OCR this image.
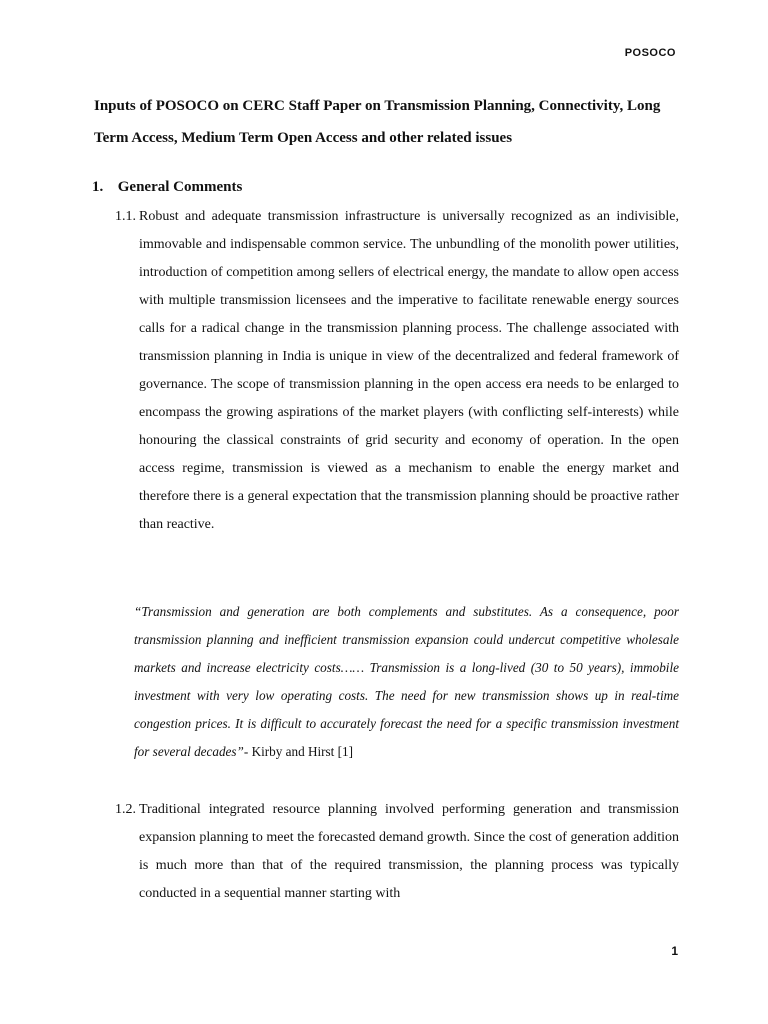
POSOCO
Inputs of POSOCO on CERC Staff Paper on Transmission Planning, Connectivity, Long Term Access, Medium Term Open Access and other related issues
1. General Comments

1.1. Robust and adequate transmission infrastructure is universally recognized as an indivisible, immovable and indispensable common service. The unbundling of the monolith power utilities, introduction of competition among sellers of electrical energy, the mandate to allow open access with multiple transmission licensees and the imperative to facilitate renewable energy sources calls for a radical change in the transmission planning process. The challenge associated with transmission planning in India is unique in view of the decentralized and federal framework of governance. The scope of transmission planning in the open access era needs to be enlarged to encompass the growing aspirations of the market players (with conflicting self-interests) while honouring the classical constraints of grid security and economy of operation. In the open access regime, transmission is viewed as a mechanism to enable the energy market and therefore there is a general expectation that the transmission planning should be proactive rather than reactive.

“Transmission and generation are both complements and substitutes. As a consequence, poor transmission planning and inefficient transmission expansion could undercut competitive wholesale markets and increase electricity costs…… Transmission is a long-lived (30 to 50 years), immobile investment with very low operating costs. The need for new transmission shows up in real-time congestion prices. It is difficult to accurately forecast the need for a specific transmission investment for several decades”- Kirby and Hirst [1]

1.2. Traditional integrated resource planning involved performing generation and transmission expansion planning to meet the forecasted demand growth. Since the cost of generation addition is much more than that of the required transmission, the planning process was typically conducted in a sequential manner starting with

1
